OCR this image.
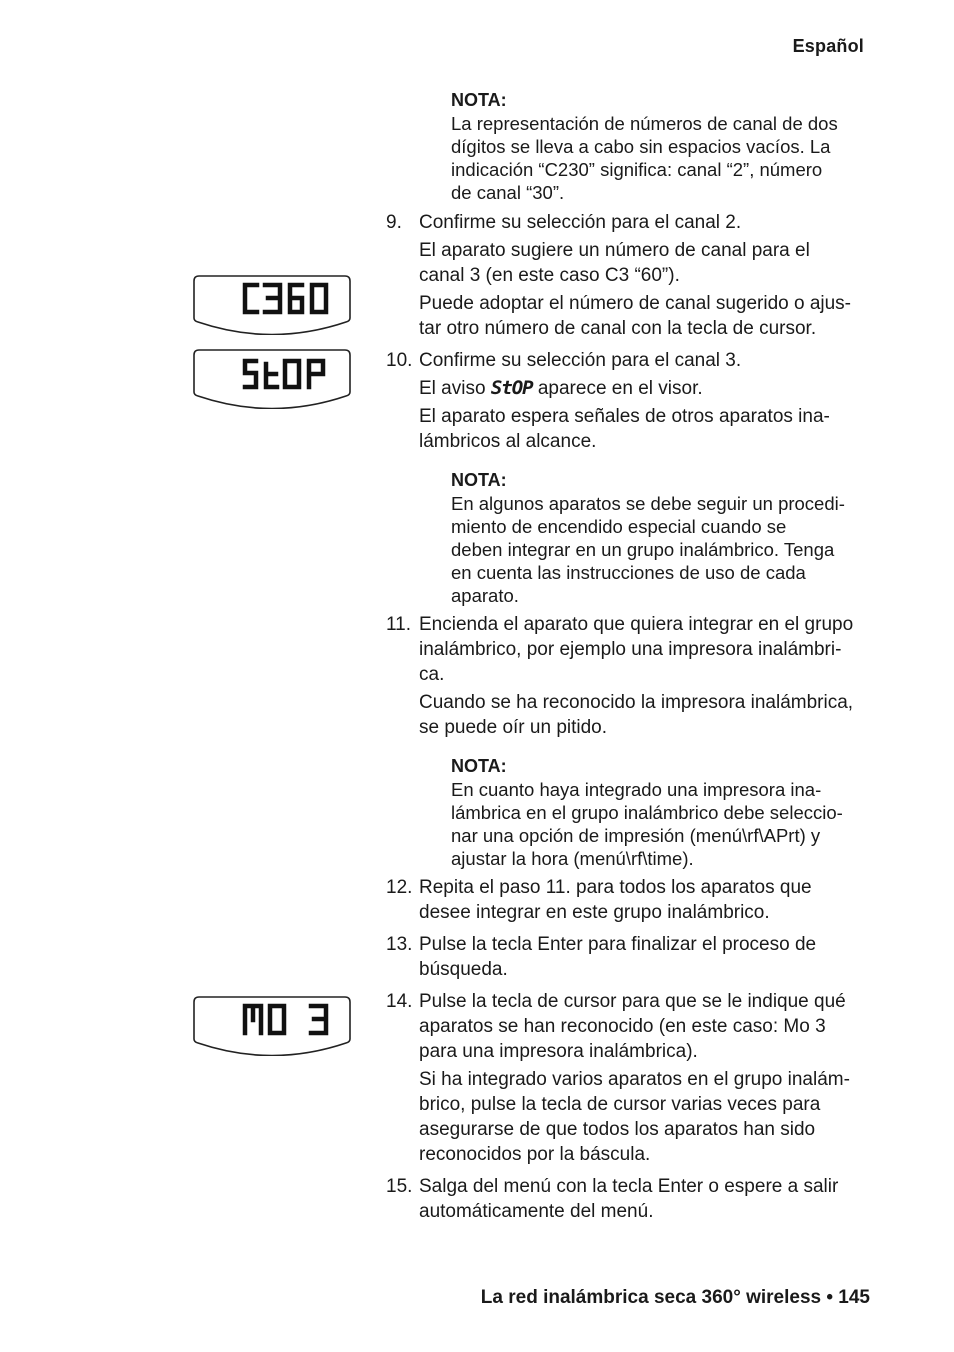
Español

NOTA:

La representación de números de canal de dos

dígitos se lleva a cabo sin espacios vacíos. La

indicación “C230” significa: canal “2”, número

de canal “30”.

9. Confirme su selección para el canal 2.

El aparato sugiere un número de canal para el

canal 3 (en este caso C3 “60”).

Puede adoptar el número de canal sugerido o ajus-

tar otro número de canal con la tecla de cursor.

10. Confirme su selección para el canal 3.

El aviso StOP aparece en el visor.

El aparato espera señales de otros aparatos ina-

lámbricos al alcance.

NOTA:

En algunos aparatos se debe seguir un procedi-

miento de encendido especial cuando se

deben integrar en un grupo inalámbrico. Tenga

en cuenta las instrucciones de uso de cada

aparato.

11. Encienda el aparato que quiera integrar en el grupo

inalámbrico, por ejemplo una impresora inalámbri-

ca.

Cuando se ha reconocido la impresora inalámbrica,

se puede oír un pitido.

NOTA:

En cuanto haya integrado una impresora ina-

lámbrica en el grupo inalámbrico debe seleccio-

nar una opción de impresión (menú\rf\APrt) y

ajustar la hora (menú\rf\time).

12. Repita el paso 11. para todos los aparatos que

desee integrar en este grupo inalámbrico.

13. Pulse la tecla Enter para finalizar el proceso de

búsqueda.

14. Pulse la tecla de cursor para que se le indique qué

aparatos se han reconocido (en este caso: Mo 3

para una impresora inalámbrica).

Si ha integrado varios aparatos en el grupo inalám-

brico, pulse la tecla de cursor varias veces para

asegurarse de que todos los aparatos han sido

reconocidos por la báscula.

15. Salga del menú con la tecla Enter o espere a salir

automáticamente del menú.

La red inalámbrica seca 360° wireless • 145
